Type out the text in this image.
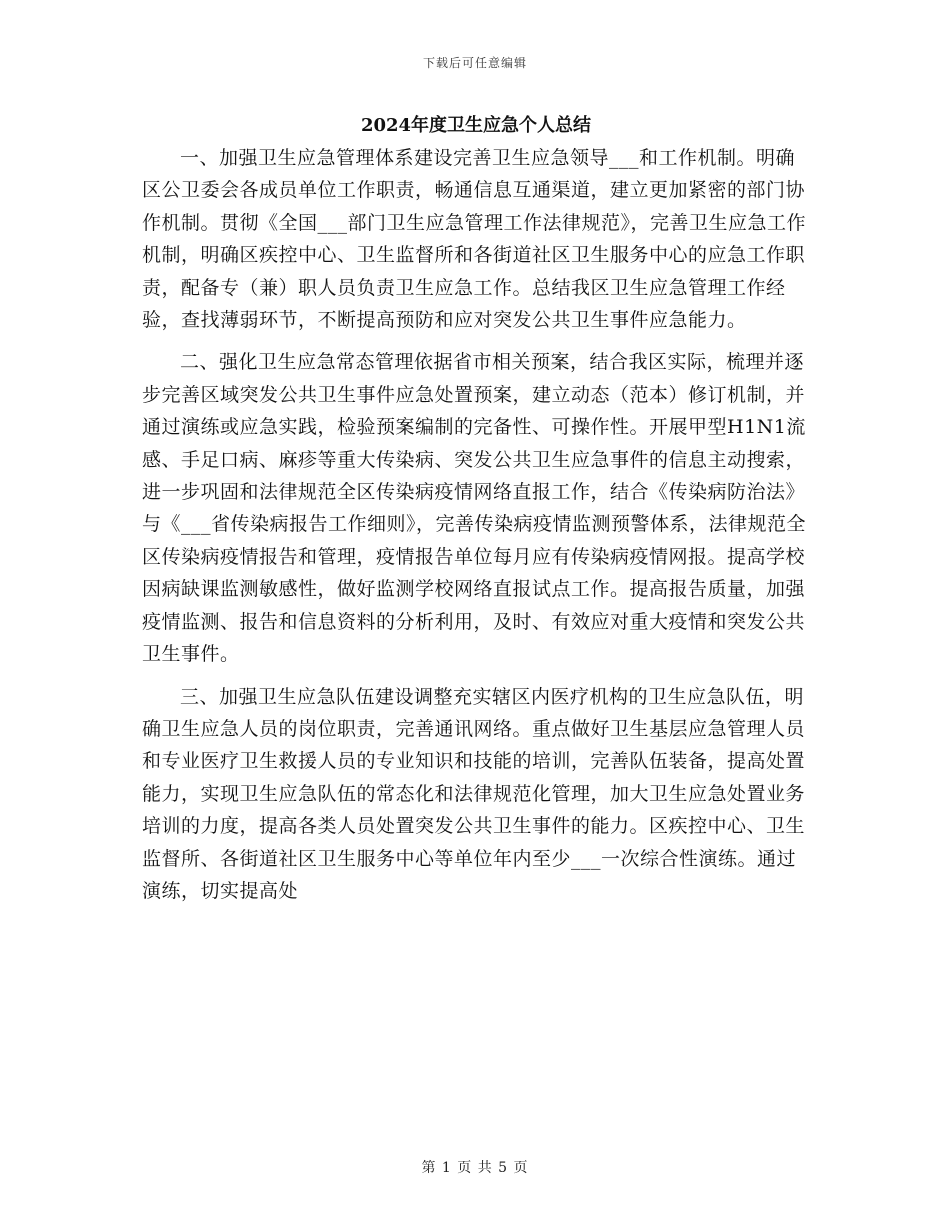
下载后可任意编辑
2024年度卫生应急个人总结

一、加强卫生应急管理体系建设完善卫生应急领导___和工作机制。明确区公卫委会各成员单位工作职责，畅通信息互通渠道，建立更加紧密的部门协作机制。贯彻《全国___部门卫生应急管理工作法律规范》，完善卫生应急工作机制，明确区疾控中心、卫生监督所和各街道社区卫生服务中心的应急工作职责，配备专（兼）职人员负责卫生应急工作。总结我区卫生应急管理工作经验，查找薄弱环节，不断提高预防和应对突发公共卫生事件应急能力。

二、强化卫生应急常态管理依据省市相关预案，结合我区实际，梳理并逐步完善区域突发公共卫生事件应急处置预案，建立动态（范本）修订机制，并通过演练或应急实践，检验预案编制的完备性、可操作性。开展甲型H1N1流感、手足口病、麻疹等重大传染病、突发公共卫生应急事件的信息主动搜索，进一步巩固和法律规范全区传染病疫情网络直报工作，结合《传染病防治法》与《___省传染病报告工作细则》，完善传染病疫情监测预警体系，法律规范全区传染病疫情报告和管理，疫情报告单位每月应有传染病疫情网报。提高学校因病缺课监测敏感性，做好监测学校网络直报试点工作。提高报告质量，加强疫情监测、报告和信息资料的分析利用，及时、有效应对重大疫情和突发公共卫生事件。

三、加强卫生应急队伍建设调整充实辖区内医疗机构的卫生应急队伍，明确卫生应急人员的岗位职责，完善通讯网络。重点做好卫生基层应急管理人员和专业医疗卫生救援人员的专业知识和技能的培训，完善队伍装备，提高处置能力，实现卫生应急队伍的常态化和法律规范化管理，加大卫生应急处置业务培训的力度，提高各类人员处置突发公共卫生事件的能力。区疾控中心、卫生监督所、各街道社区卫生服务中心等单位年内至少___一次综合性演练。通过演练，切实提高处

第 1 页 共 5 页
